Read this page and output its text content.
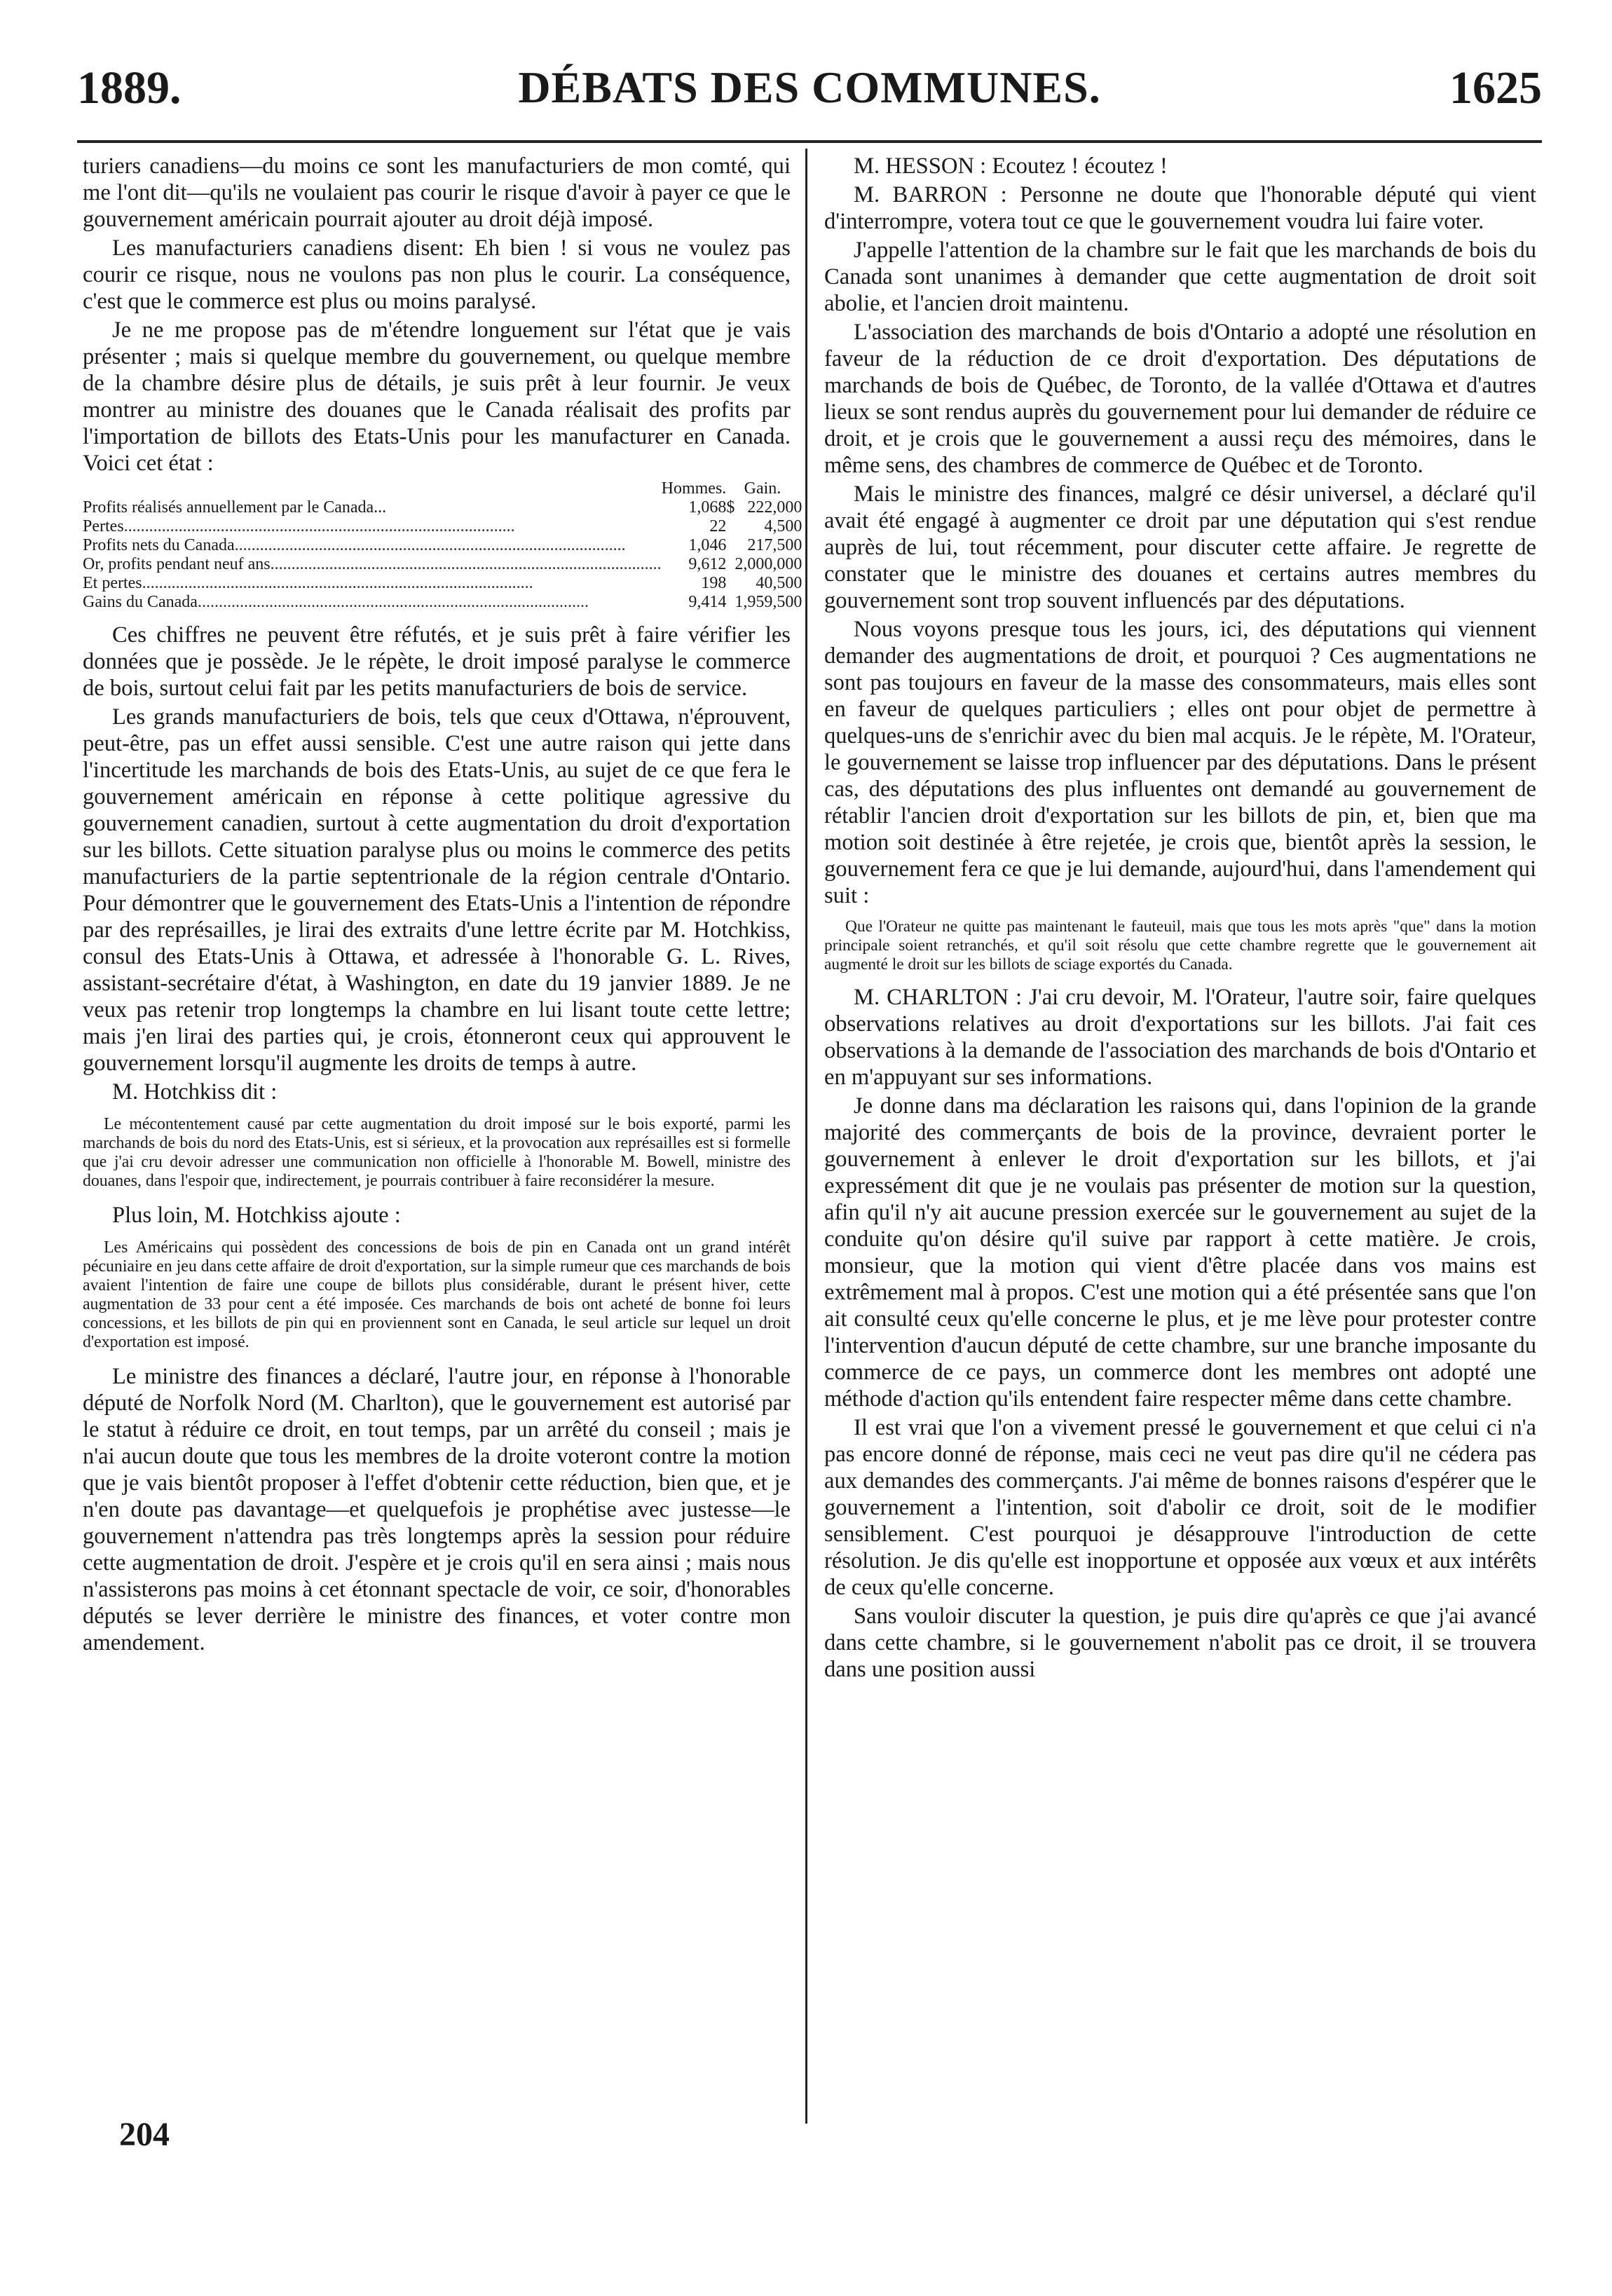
1889.	DÉBATS DES COMMUNES.	1625

turiers canadiens—du moins ce sont les manufacturiers de mon comté, qui me l'ont dit—qu'ils ne voulaient pas courir le risque d'avoir à payer ce que le gouvernement américain pourrait ajouter au droit déjà imposé.

Les manufacturiers canadiens disent: Eh bien ! si vous ne voulez pas courir ce risque, nous ne voulons pas non plus le courir. La conséquence, c'est que le commerce est plus ou moins paralysé.

Je ne me propose pas de m'étendre longuement sur l'état que je vais présenter ; mais si quelque membre du gouvernement, ou quelque membre de la chambre désire plus de détails, je suis prêt à leur fournir. Je veux montrer au ministre des douanes que le Canada réalisait des profits par l'importation de billots des Etats-Unis pour les manufacturer en Canada. Voici cet état :

	Hommes.		Gain.
Profits réalisés annuellement par le Canada...	1,068	$	222,000
Pertes.............................................................................................	22		4,500
Profits nets du Canada.............................................................................................	1,046		217,500
Or, profits pendant neuf ans.............................................................................................	9,612		2,000,000
Et pertes.............................................................................................	198		40,500
Gains du Canada.............................................................................................	9,414		1,959,500

Ces chiffres ne peuvent être réfutés, et je suis prêt à faire vérifier les données que je possède. Je le répète, le droit imposé paralyse le commerce de bois, surtout celui fait par les petits manufacturiers de bois de service.

Les grands manufacturiers de bois, tels que ceux d'Ottawa, n'éprouvent, peut-être, pas un effet aussi sensible. C'est une autre raison qui jette dans l'incertitude les marchands de bois des Etats-Unis, au sujet de ce que fera le gouvernement américain en réponse à cette politique agressive du gouvernement canadien, surtout à cette augmentation du droit d'exportation sur les billots. Cette situation paralyse plus ou moins le commerce des petits manufacturiers de la partie septentrionale de la région centrale d'Ontario. Pour démontrer que le gouvernement des Etats-Unis a l'intention de répondre par des représailles, je lirai des extraits d'une lettre écrite par M. Hotchkiss, consul des Etats-Unis à Ottawa, et adressée à l'honorable G. L. Rives, assistant-secrétaire d'état, à Washington, en date du 19 janvier 1889. Je ne veux pas retenir trop longtemps la chambre en lui lisant toute cette lettre; mais j'en lirai des parties qui, je crois, étonneront ceux qui approuvent le gouvernement lorsqu'il augmente les droits de temps à autre.

M. Hotchkiss dit :

Le mécontentement causé par cette augmentation du droit imposé sur le bois exporté, parmi les marchands de bois du nord des Etats-Unis, est si sérieux, et la provocation aux représailles est si formelle que j'ai cru devoir adresser une communication non officielle à l'honorable M. Bowell, ministre des douanes, dans l'espoir que, indirectement, je pourrais contribuer à faire reconsidérer la mesure.

Plus loin, M. Hotchkiss ajoute :

Les Américains qui possèdent des concessions de bois de pin en Canada ont un grand intérêt pécuniaire en jeu dans cette affaire de droit d'exportation, sur la simple rumeur que ces marchands de bois avaient l'intention de faire une coupe de billots plus considérable, durant le présent hiver, cette augmentation de 33 pour cent a été imposée. Ces marchands de bois ont acheté de bonne foi leurs concessions, et les billots de pin qui en proviennent sont en Canada, le seul article sur lequel un droit d'exportation est imposé.

Le ministre des finances a déclaré, l'autre jour, en réponse à l'honorable député de Norfolk Nord (M. Charlton), que le gouvernement est autorisé par le statut à réduire ce droit, en tout temps, par un arrêté du conseil ; mais je n'ai aucun doute que tous les membres de la droite voteront contre la motion que je vais bientôt proposer à l'effet d'obtenir cette réduction, bien que, et je n'en doute pas davantage—et quelquefois je prophétise avec justesse—le gouvernement n'attendra pas très longtemps après la session pour réduire cette augmentation de droit. J'espère et je crois qu'il en sera ainsi ; mais nous n'assisterons pas moins à cet étonnant spectacle de voir, ce soir, d'honorables députés se lever derrière le ministre des finances, et voter contre mon amendement.

204

M. HESSON : Ecoutez ! écoutez !

M. BARRON : Personne ne doute que l'honorable député qui vient d'interrompre, votera tout ce que le gouvernement voudra lui faire voter.

J'appelle l'attention de la chambre sur le fait que les marchands de bois du Canada sont unanimes à demander que cette augmentation de droit soit abolie, et l'ancien droit maintenu.

L'association des marchands de bois d'Ontario a adopté une résolution en faveur de la réduction de ce droit d'exportation. Des députations de marchands de bois de Québec, de Toronto, de la vallée d'Ottawa et d'autres lieux se sont rendus auprès du gouvernement pour lui demander de réduire ce droit, et je crois que le gouvernement a aussi reçu des mémoires, dans le même sens, des chambres de commerce de Québec et de Toronto.

Mais le ministre des finances, malgré ce désir universel, a déclaré qu'il avait été engagé à augmenter ce droit par une députation qui s'est rendue auprès de lui, tout récemment, pour discuter cette affaire. Je regrette de constater que le ministre des douanes et certains autres membres du gouvernement sont trop souvent influencés par des députations.

Nous voyons presque tous les jours, ici, des députations qui viennent demander des augmentations de droit, et pourquoi ? Ces augmentations ne sont pas toujours en faveur de la masse des consommateurs, mais elles sont en faveur de quelques particuliers ; elles ont pour objet de permettre à quelques-uns de s'enrichir avec du bien mal acquis. Je le répète, M. l'Orateur, le gouvernement se laisse trop influencer par des députations. Dans le présent cas, des députations des plus influentes ont demandé au gouvernement de rétablir l'ancien droit d'exportation sur les billots de pin, et, bien que ma motion soit destinée à être rejetée, je crois que, bientôt après la session, le gouvernement fera ce que je lui demande, aujourd'hui, dans l'amendement qui suit :

Que l'Orateur ne quitte pas maintenant le fauteuil, mais que tous les mots après "que" dans la motion principale soient retranchés, et qu'il soit résolu que cette chambre regrette que le gouvernement ait augmenté le droit sur les billots de sciage exportés du Canada.

M. CHARLTON : J'ai cru devoir, M. l'Orateur, l'autre soir, faire quelques observations relatives au droit d'exportations sur les billots. J'ai fait ces observations à la demande de l'association des marchands de bois d'Ontario et en m'appuyant sur ses informations.

Je donne dans ma déclaration les raisons qui, dans l'opinion de la grande majorité des commerçants de bois de la province, devraient porter le gouvernement à enlever le droit d'exportation sur les billots, et j'ai expressément dit que je ne voulais pas présenter de motion sur la question, afin qu'il n'y ait aucune pression exercée sur le gouvernement au sujet de la conduite qu'on désire qu'il suive par rapport à cette matière. Je crois, monsieur, que la motion qui vient d'être placée dans vos mains est extrêmement mal à propos. C'est une motion qui a été présentée sans que l'on ait consulté ceux qu'elle concerne le plus, et je me lève pour protester contre l'intervention d'aucun député de cette chambre, sur une branche imposante du commerce de ce pays, un commerce dont les membres ont adopté une méthode d'action qu'ils entendent faire respecter même dans cette chambre.

Il est vrai que l'on a vivement pressé le gouvernement et que celui ci n'a pas encore donné de réponse, mais ceci ne veut pas dire qu'il ne cédera pas aux demandes des commerçants. J'ai même de bonnes raisons d'espérer que le gouvernement a l'intention, soit d'abolir ce droit, soit de le modifier sensiblement. C'est pourquoi je désapprouve l'introduction de cette résolution. Je dis qu'elle est inopportune et opposée aux vœux et aux intérêts de ceux qu'elle concerne.

Sans vouloir discuter la question, je puis dire qu'après ce que j'ai avancé dans cette chambre, si le gouvernement n'abolit pas ce droit, il se trouvera dans une position aussi
